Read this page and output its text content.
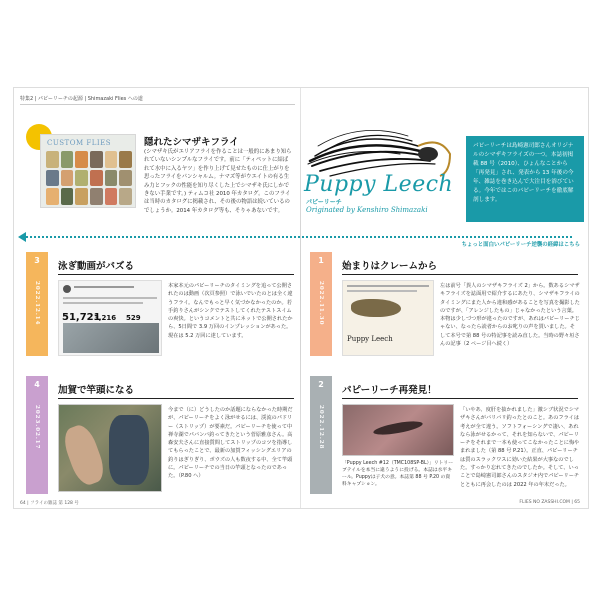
特集2 | パピーリーチの起源 | Shimazaki Flies への道
CUSTOM FLIES	隠れたシマザキフライ
(シマザキ氏がエリアフライを作ることは一般的にあまり知られていないシンプルなフライです。前に「ティペットに結ばれて水中に入るヤツ」を作り上げて見せたものに仕上がりを思ったフライをパンシャルム。ナマズ等がウエイトの有る生み力とフックの性能を知り尽くした上でシマザキ氏にしかできない手業です。) ティムコ社 2010 年カタログ。このフライは当時のカタログに掲載され、その後の物語は続いているのでしょうか。2014 年カタログ等も、そりゃあないです。
Puppy Leech
パピーリーチ
Originated by Kenshiro Shimazaki
パピーリーチは島崎憲司郎さんオリジナルのシマザキフライズの一つ。本誌初掲載 88 号（2010）、ひょんなことから「再発見」され、発表から 13 年後の今年、雑誌を巻き込んで大注目を浴びている。今年ではこのパピーリーチを徹底解剖します。
ちょっと面白いパピーリーチ逆襲の経緯はこちら
3
2022.12.14
泳ぎ動画がバズる
51,721
3,216 529
本家本元のパピーリーチのタイミングを追って公開されたのは動画（次頁参照）で泳いでいたのとは全く違うフライ。なんでもっと早く気づかなかったのか。若手釣りさんがシンクでテストしてくれたテストスイムの爽快。というコメントと共にネットで公開されたから、5日間で 3.9 万回のインプレッションがあった。現在は 5.2 万回に達しています。
1
2022.11.30
始まりはクレームから
Puppy Leech
左は前号「異人のシマザキフライズ 2」から。数あるシマザキフライズを誌面用で紹介するにあたり、シマザキフライのタイミングにまた人から違和感があることを写真を撮影したのですが、「アレンジしたもの」じゃなかったという言葉。本物は少しづつ形が違ったのですが、あれはパピーリーチじゃない、なったら読者からのお叱りの声を貰いました。そして本号で第 88 号の特記事を読み直した。当時の野々垣さんの記事（2 ページ目へ続く）
4
2023.02.17
加賀で竿頭になる
今まで（に）どうしたのか話題にならなかった時期だが、パピーリーチをよく泳がせるには、渓流のパドリー（ストリップ）が要素だ。パピーリーチを使って中禅寺湖でパバンバ釣ってきたという菅原雅彦さん。高森安夫さんに直接質問してストリップのコツを指導してもらったことで、最新の加賀フィッシングエリアの釣りはぎりぎり、ボウズの人も数夜する中、全て竿頭に。パピーリーチでの当日の竿頭となったのであった。（P.80 へ）
2
2022.12.28
パピーリーチ再発見！
「Puppy Leech #12（TMC108SP-BL）」リトリーブテイルを本当に違うように投げる。本誌は水平キール。Puppyは子犬の意。本誌第 88 号 P.20 の資料キャプション。
「いやあ、度肝を抜かれました」激シブ状況でシマザキさんがバリバリ釣ったとのこと。あのフライは考えが全て違う。ソフトフォーシングで凄い、あれなら泳がせるかって、それを知らないで、パピーリーチをそれまで一本も使ってこなかったことに悔やまれました（第 88 号 P.21）。正直、パピーリーチは質のスラックワスに効いた結果が大事なのでした。すっかり忘れてきたのでしたか。そして、いっことで島崎憲司郎さんのスタジオ内でパピーリーチとともに再会したのは 2022 年の年末だった。
64 | フライの雑誌 第 128 号	FLIES NO ZASSHI.COM | 65
